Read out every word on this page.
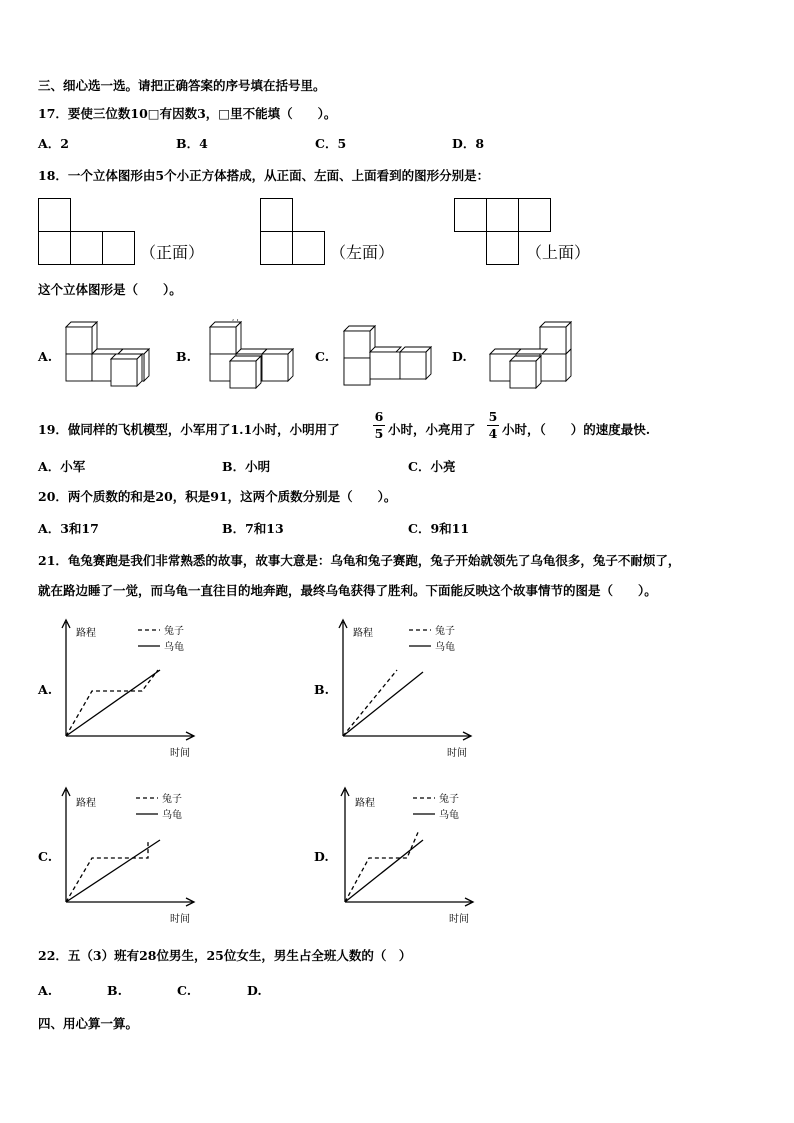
三、细心选一选。请把正确答案的序号填在括号里。
17．要使三位数10□有因数3，□里不能填（　　）。
A．2	B．4	C．5	D．8
18．一个立体图形由5个小正方体搭成，从正面、左面、上面看到的图形分别是：
（正面）	（左面）	（上面）
这个立体图形是（　　）。
A.	B.	C.	D.
, ,
19．做同样的飞机模型，小军用了1.1小时，小明用了
6
5 小时，小亮用了
5
4 小时，（　　）的速度最快.
A．小军	B．小明	C．小亮
20．两个质数的和是20，积是91，这两个质数分别是（　　）。
A．3和17	B．7和13	C．9和11
21．龟兔赛跑是我们非常熟悉的故事，故事大意是：乌龟和兔子赛跑，兔子开始就领先了乌龟很多，兔子不耐烦了，
就在路边睡了一觉，而乌龟一直往目的地奔跑，最终乌龟获得了胜利。下面能反映这个故事情节的图是（　　）。
A.	B.
C.	D.
路程
时间
兔子
乌龟
路程
时间
兔子
乌龟
路程
时间
兔子
乌龟
路程
时间
兔子
乌龟
22．五（3）班有28位男生，25位女生，男生占全班人数的（　）
A.	B.	C.	D.
四、用心算一算。
